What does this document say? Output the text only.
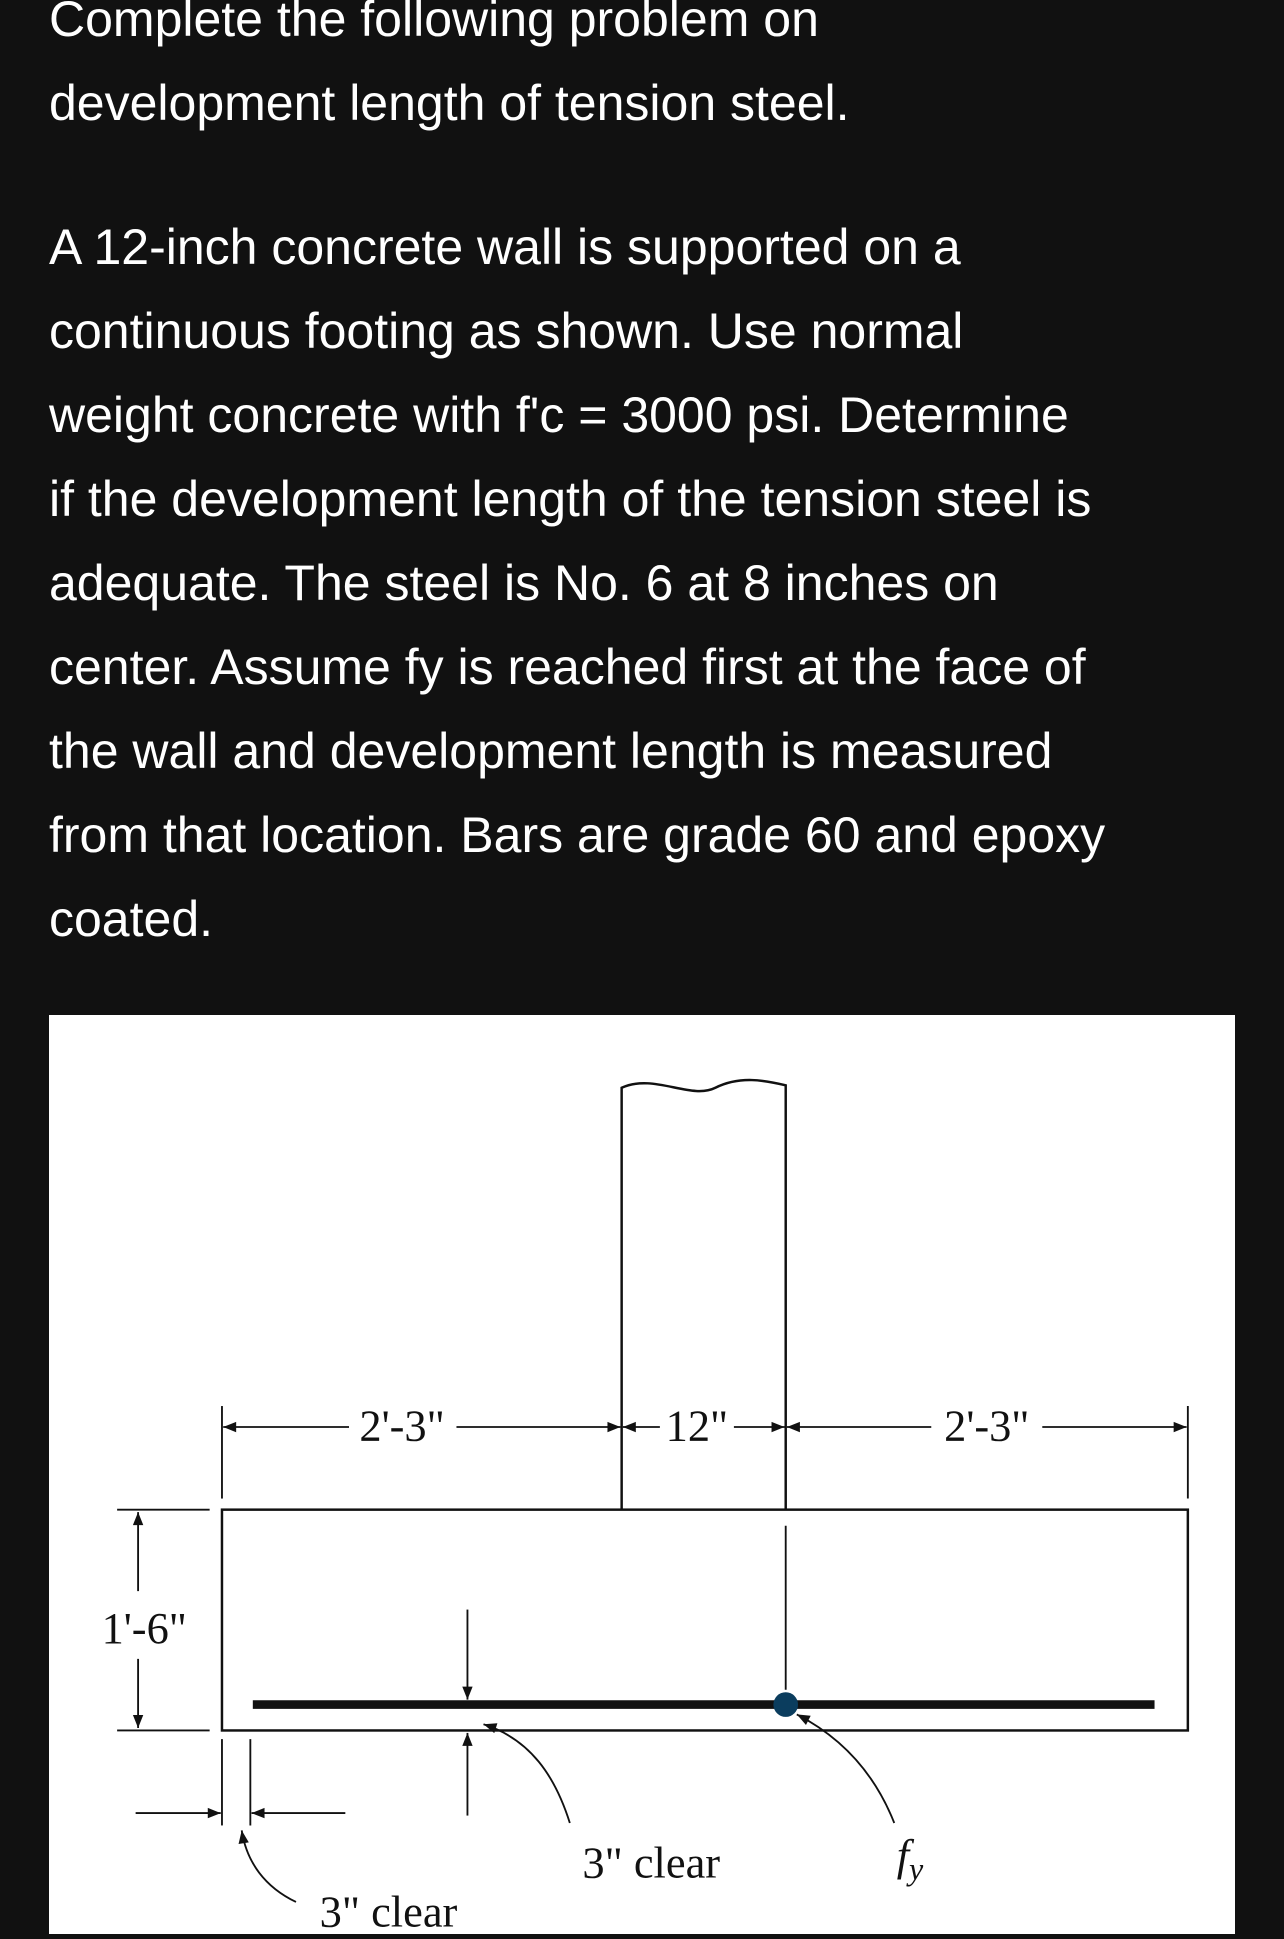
Complete the following problem on
development length of tension steel.
A 12-inch concrete wall is supported on a
continuous footing as shown. Use normal
weight concrete with f'c = 3000 psi. Determine
if the development length of the tension steel is
adequate. The steel is No. 6 at 8 inches on
center. Assume fy is reached first at the face of
the wall and development length is measured
from that location. Bars are grade 60 and epoxy
coated.
2'-3"	12"	2'-3"
1'-6"
3" clear
3" clear
$f_y$
